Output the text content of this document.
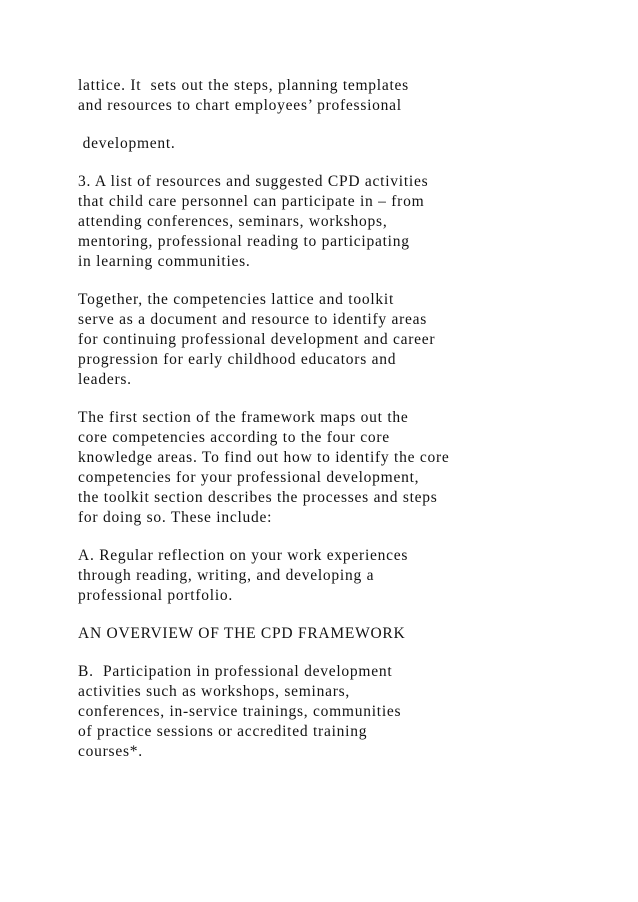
lattice. It  sets out the steps, planning templates
and resources to chart employees’ professional

development.

3. A list of resources and suggested CPD activities
that child care personnel can participate in – from
attending conferences, seminars, workshops,
mentoring, professional reading to participating
in learning communities.

Together, the competencies lattice and toolkit
serve as a document and resource to identify areas
for continuing professional development and career
progression for early childhood educators and
leaders.

The first section of the framework maps out the
core competencies according to the four core
knowledge areas. To find out how to identify the core
competencies for your professional development,
the toolkit section describes the processes and steps
for doing so. These include:

A. Regular reflection on your work experiences
through reading, writing, and developing a
professional portfolio.

AN OVERVIEW OF THE CPD FRAMEWORK

B.  Participation in professional development
activities such as workshops, seminars,
conferences, in-service trainings, communities
of practice sessions or accredited training
courses*.
